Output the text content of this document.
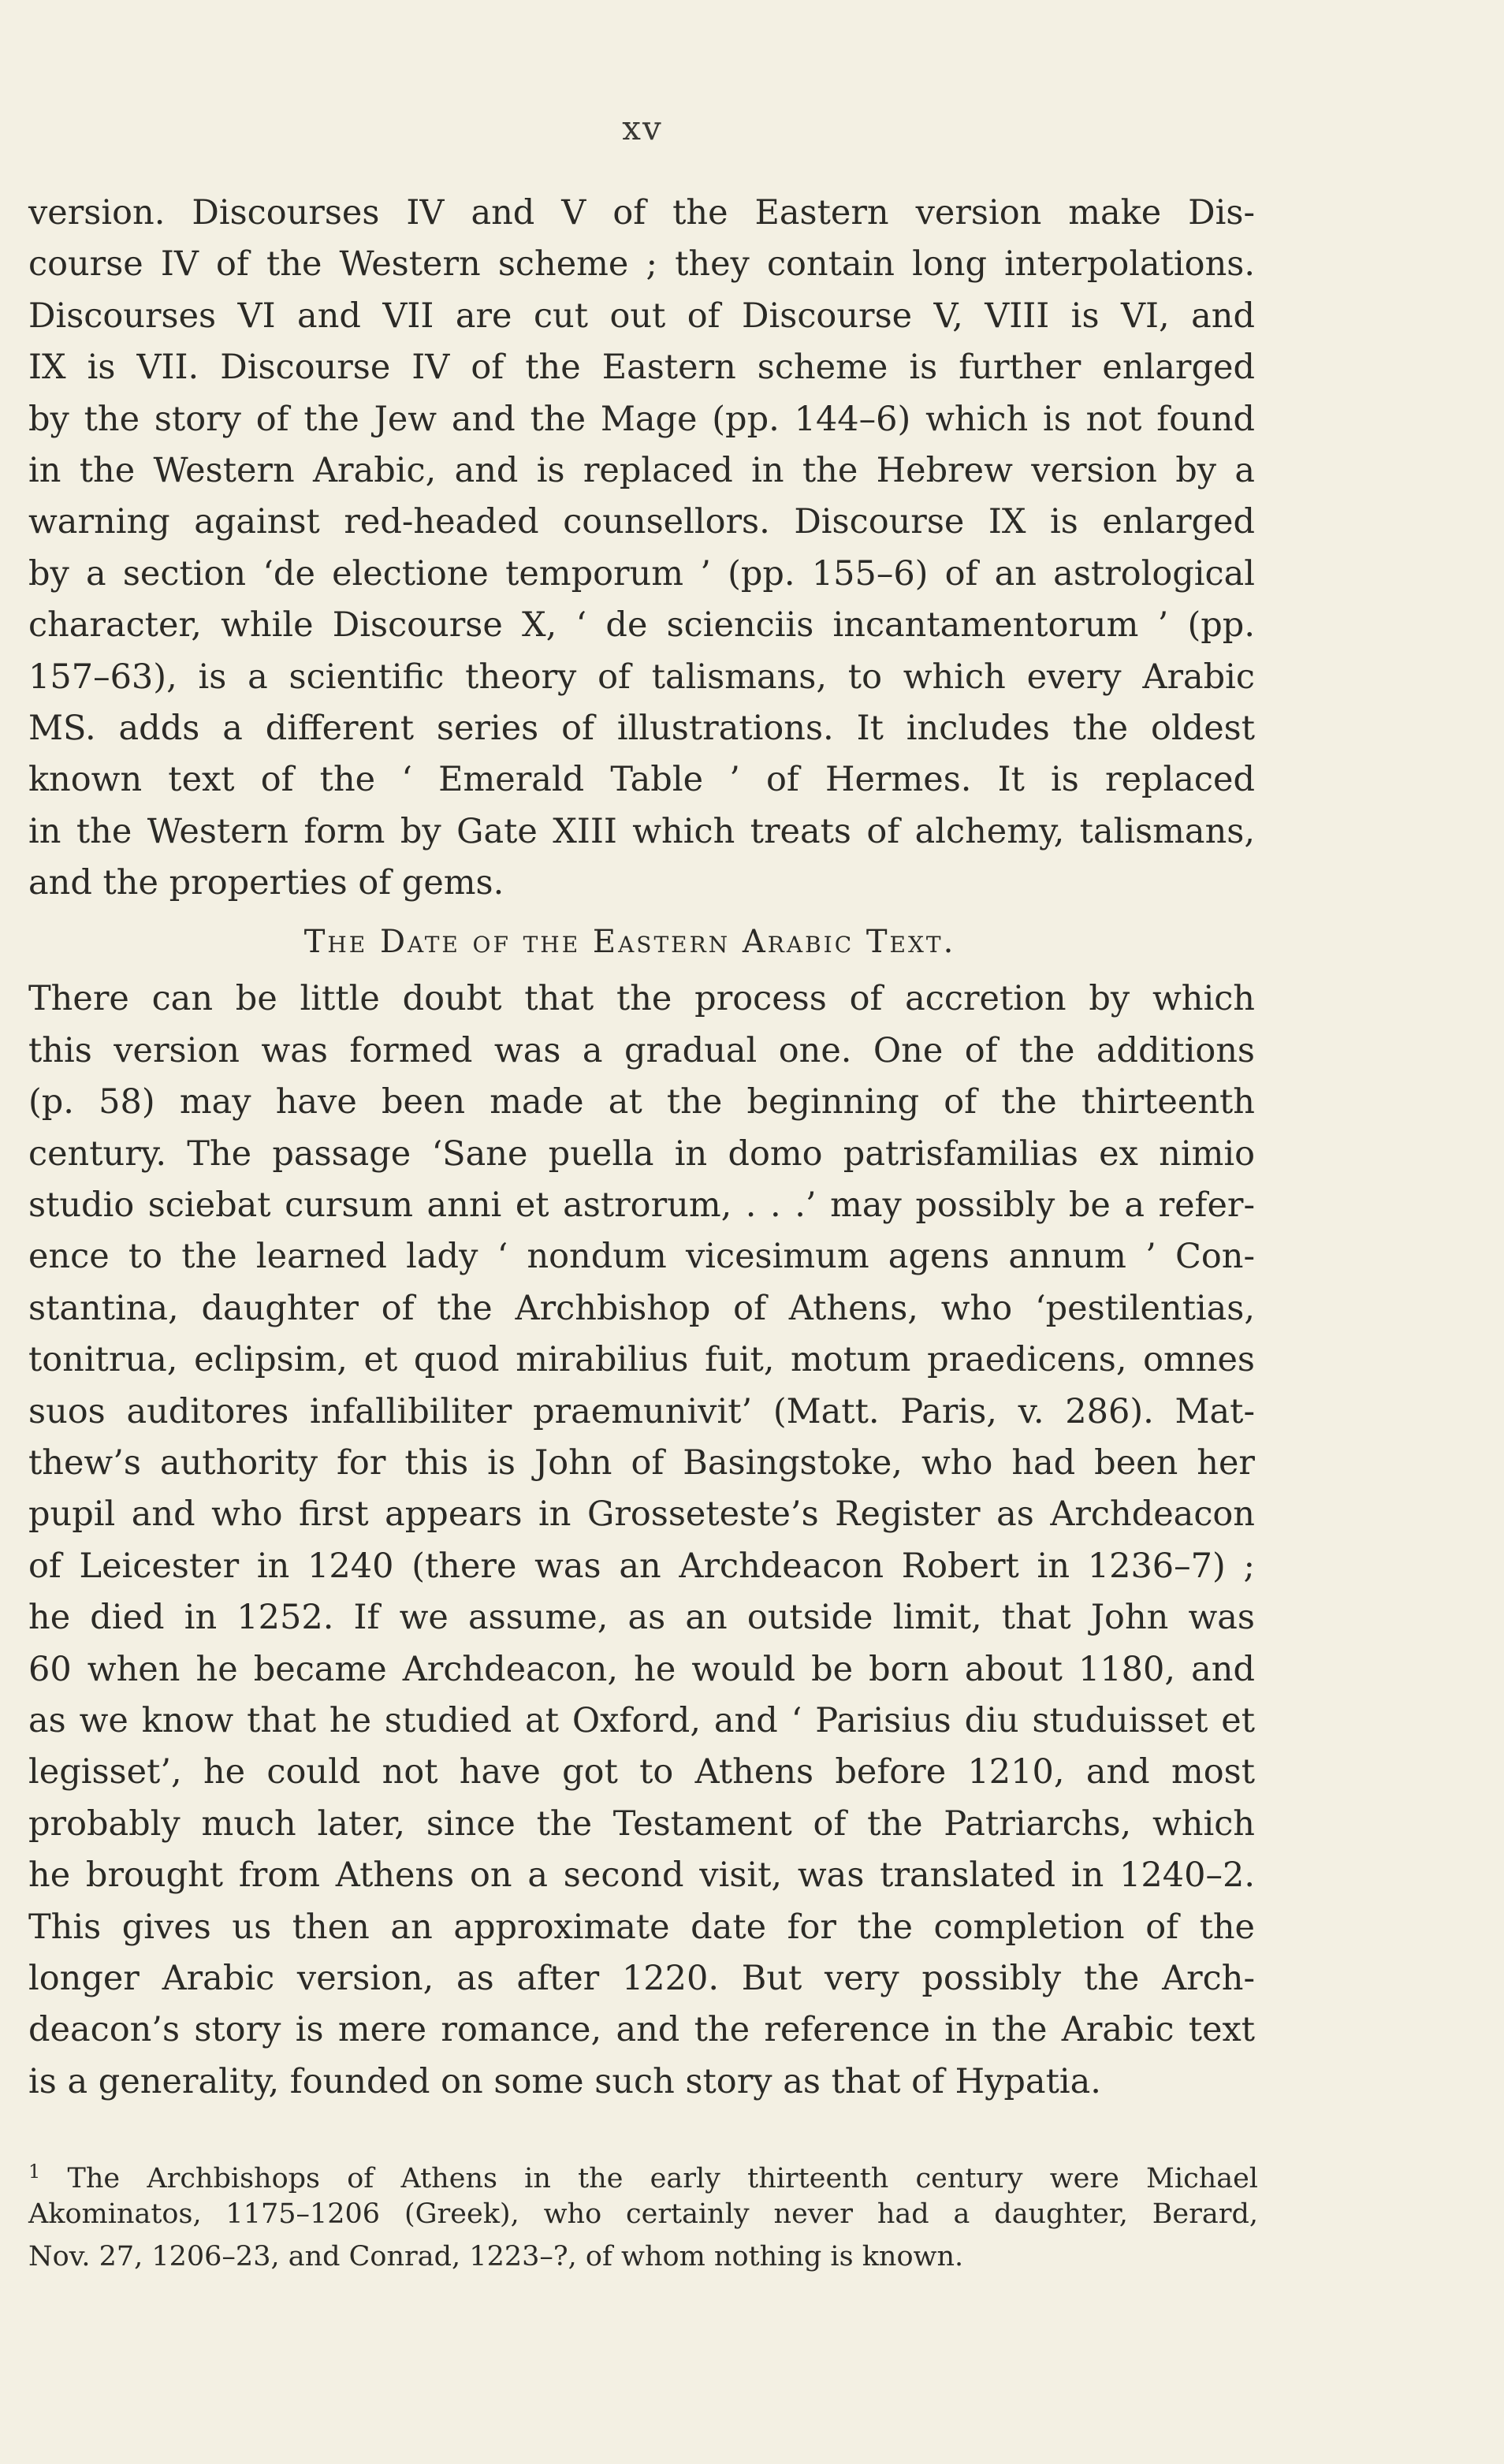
xv
version. Discourses IV and V of the Eastern version make Dis-
course IV of the Western scheme ; they contain long interpolations.
Discourses VI and VII are cut out of Discourse V, VIII is VI, and
IX is VII. Discourse IV of the Eastern scheme is further enlarged
by the story of the Jew and the Mage (pp. 144–6) which is not found
in the Western Arabic, and is replaced in the Hebrew version by a
warning against red-headed counsellors. Discourse IX is enlarged
by a section ‘de electione temporum ’ (pp. 155–6) of an astrological
character, while Discourse X, ‘ de scienciis incantamentorum ’ (pp.
157–63), is a scientific theory of talismans, to which every Arabic
MS. adds a different series of illustrations. It includes the oldest
known text of the ‘ Emerald Table ’ of Hermes. It is replaced
in the Western form by Gate XIII which treats of alchemy, talismans,
and the properties of gems.
The Date of the Eastern Arabic Text.
There can be little doubt that the process of accretion by which
this version was formed was a gradual one. One of the additions
(p. 58) may have been made at the beginning of the thirteenth
century. The passage ‘Sane puella in domo patrisfamilias ex nimio
studio sciebat cursum anni et astrorum, . . .’ may possibly be a refer-
ence to the learned lady ‘ nondum vicesimum agens annum ’ Con-
stantina, daughter of the Archbishop of Athens, who ‘pestilentias,
tonitrua, eclipsim, et quod mirabilius fuit, motum praedicens, omnes
suos auditores infallibiliter praemunivit’ (Matt. Paris, v. 286). Mat-
thew’s authority for this is John of Basingstoke, who had been her
pupil and who first appears in Grosseteste’s Register as Archdeacon
of Leicester in 1240 (there was an Archdeacon Robert in 1236–7) ;
he died in 1252. If we assume, as an outside limit, that John was
60 when he became Archdeacon, he would be born about 1180, and
as we know that he studied at Oxford, and ‘ Parisius diu studuisset et
legisset’, he could not have got to Athens before 1210, and most
probably much later, since the Testament of the Patriarchs, which
he brought from Athens on a second visit, was translated in 1240–2.
This gives us then an approximate date for the completion of the
longer Arabic version, as after 1220. But very possibly the Arch-
deacon’s story is mere romance, and the reference in the Arabic text
is a generality, founded on some such story as that of Hypatia.
$^1$ The Archbishops of Athens in the early thirteenth century were Michael
Akominatos, 1175–1206 (Greek), who certainly never had a daughter, Berard,
Nov. 27, 1206–23, and Conrad, 1223–?, of whom nothing is known.
